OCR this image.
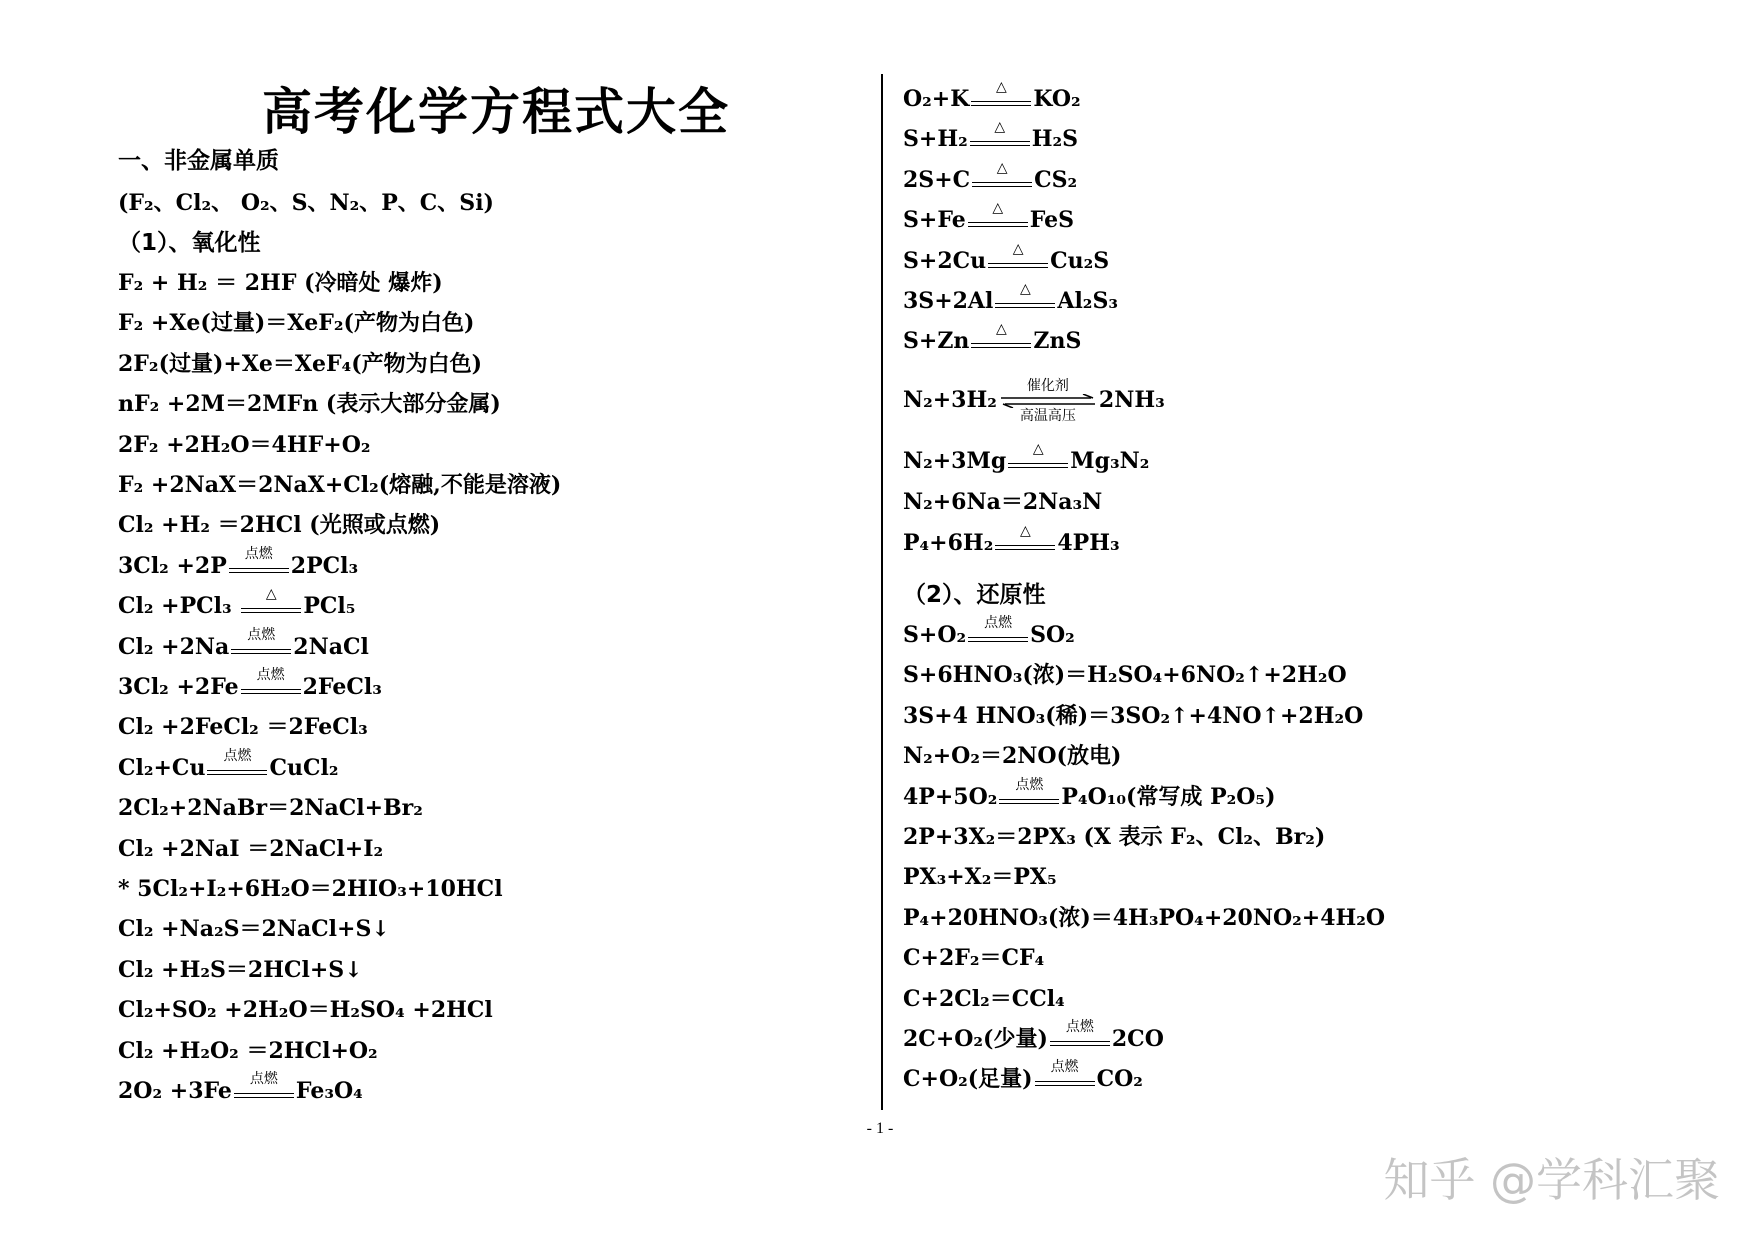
高考化学方程式大全
一、非金属单质
(F₂、Cl₂、 O₂、S、N₂、P、C、Si)
（1）、氧化性
F₂ + H₂ ＝ 2HF (冷暗处 爆炸)
F₂ +Xe(过量)＝XeF₂(产物为白色)
2F₂(过量)+Xe＝XeF₄(产物为白色)
nF₂ +2M＝2MFn (表示大部分金属)
2F₂ +2H₂O＝4HF+O₂
F₂ +2NaX＝2NaX+Cl₂(熔融,不能是溶液)
Cl₂ +H₂ ＝2HCl (光照或点燃)
3Cl₂ +2P	点燃 2PCl₃
Cl₂ +PCl₃	△	PCl₅
Cl₂ +2Na	点燃 2NaCl
3Cl₂ +2Fe	点燃 2FeCl₃
Cl₂ +2FeCl₂ ＝2FeCl₃
Cl₂+Cu	点燃 CuCl₂
2Cl₂+2NaBr＝2NaCl+Br₂
Cl₂ +2NaI ＝2NaCl+I₂
* 5Cl₂+I₂+6H₂O＝2HIO₃+10HCl
Cl₂ +Na₂S＝2NaCl+S↓
Cl₂ +H₂S＝2HCl+S↓
Cl₂+SO₂ +2H₂O＝H₂SO₄ +2HCl
Cl₂ +H₂O₂ ＝2HCl+O₂
2O₂ +3Fe	点燃 Fe₃O₄
O₂+K	△	KO₂
S+H₂	△	H₂S
2S+C	△	CS₂
S+Fe	△	FeS
S+2Cu	△	Cu₂S
3S+2Al	△	Al₂S₃
S+Zn	△	ZnS
N₂+3H₂
催化剂
高温高压
2NH₃
N₂+3Mg	△	Mg₃N₂
N₂+6Na＝2Na₃N
P₄+6H₂	△	4PH₃
（2）、还原性
S+O₂	点燃 SO₂
S+6HNO₃(浓)＝H₂SO₄+6NO₂↑+2H₂O
3S+4 HNO₃(稀)＝3SO₂↑+4NO↑+2H₂O
N₂+O₂＝2NO(放电)
4P+5O₂	点燃 P₄O₁₀(常写成 P₂O₅)
2P+3X₂＝2PX₃ (X 表示 F₂、Cl₂、Br₂)
PX₃+X₂＝PX₅
P₄+20HNO₃(浓)＝4H₃PO₄+20NO₂+4H₂O
C+2F₂＝CF₄
C+2Cl₂＝CCl₄
2C+O₂(少量)	点燃 2CO
C+O₂(足量)	点燃 CO₂
- 1 -
知乎 @学科汇聚
